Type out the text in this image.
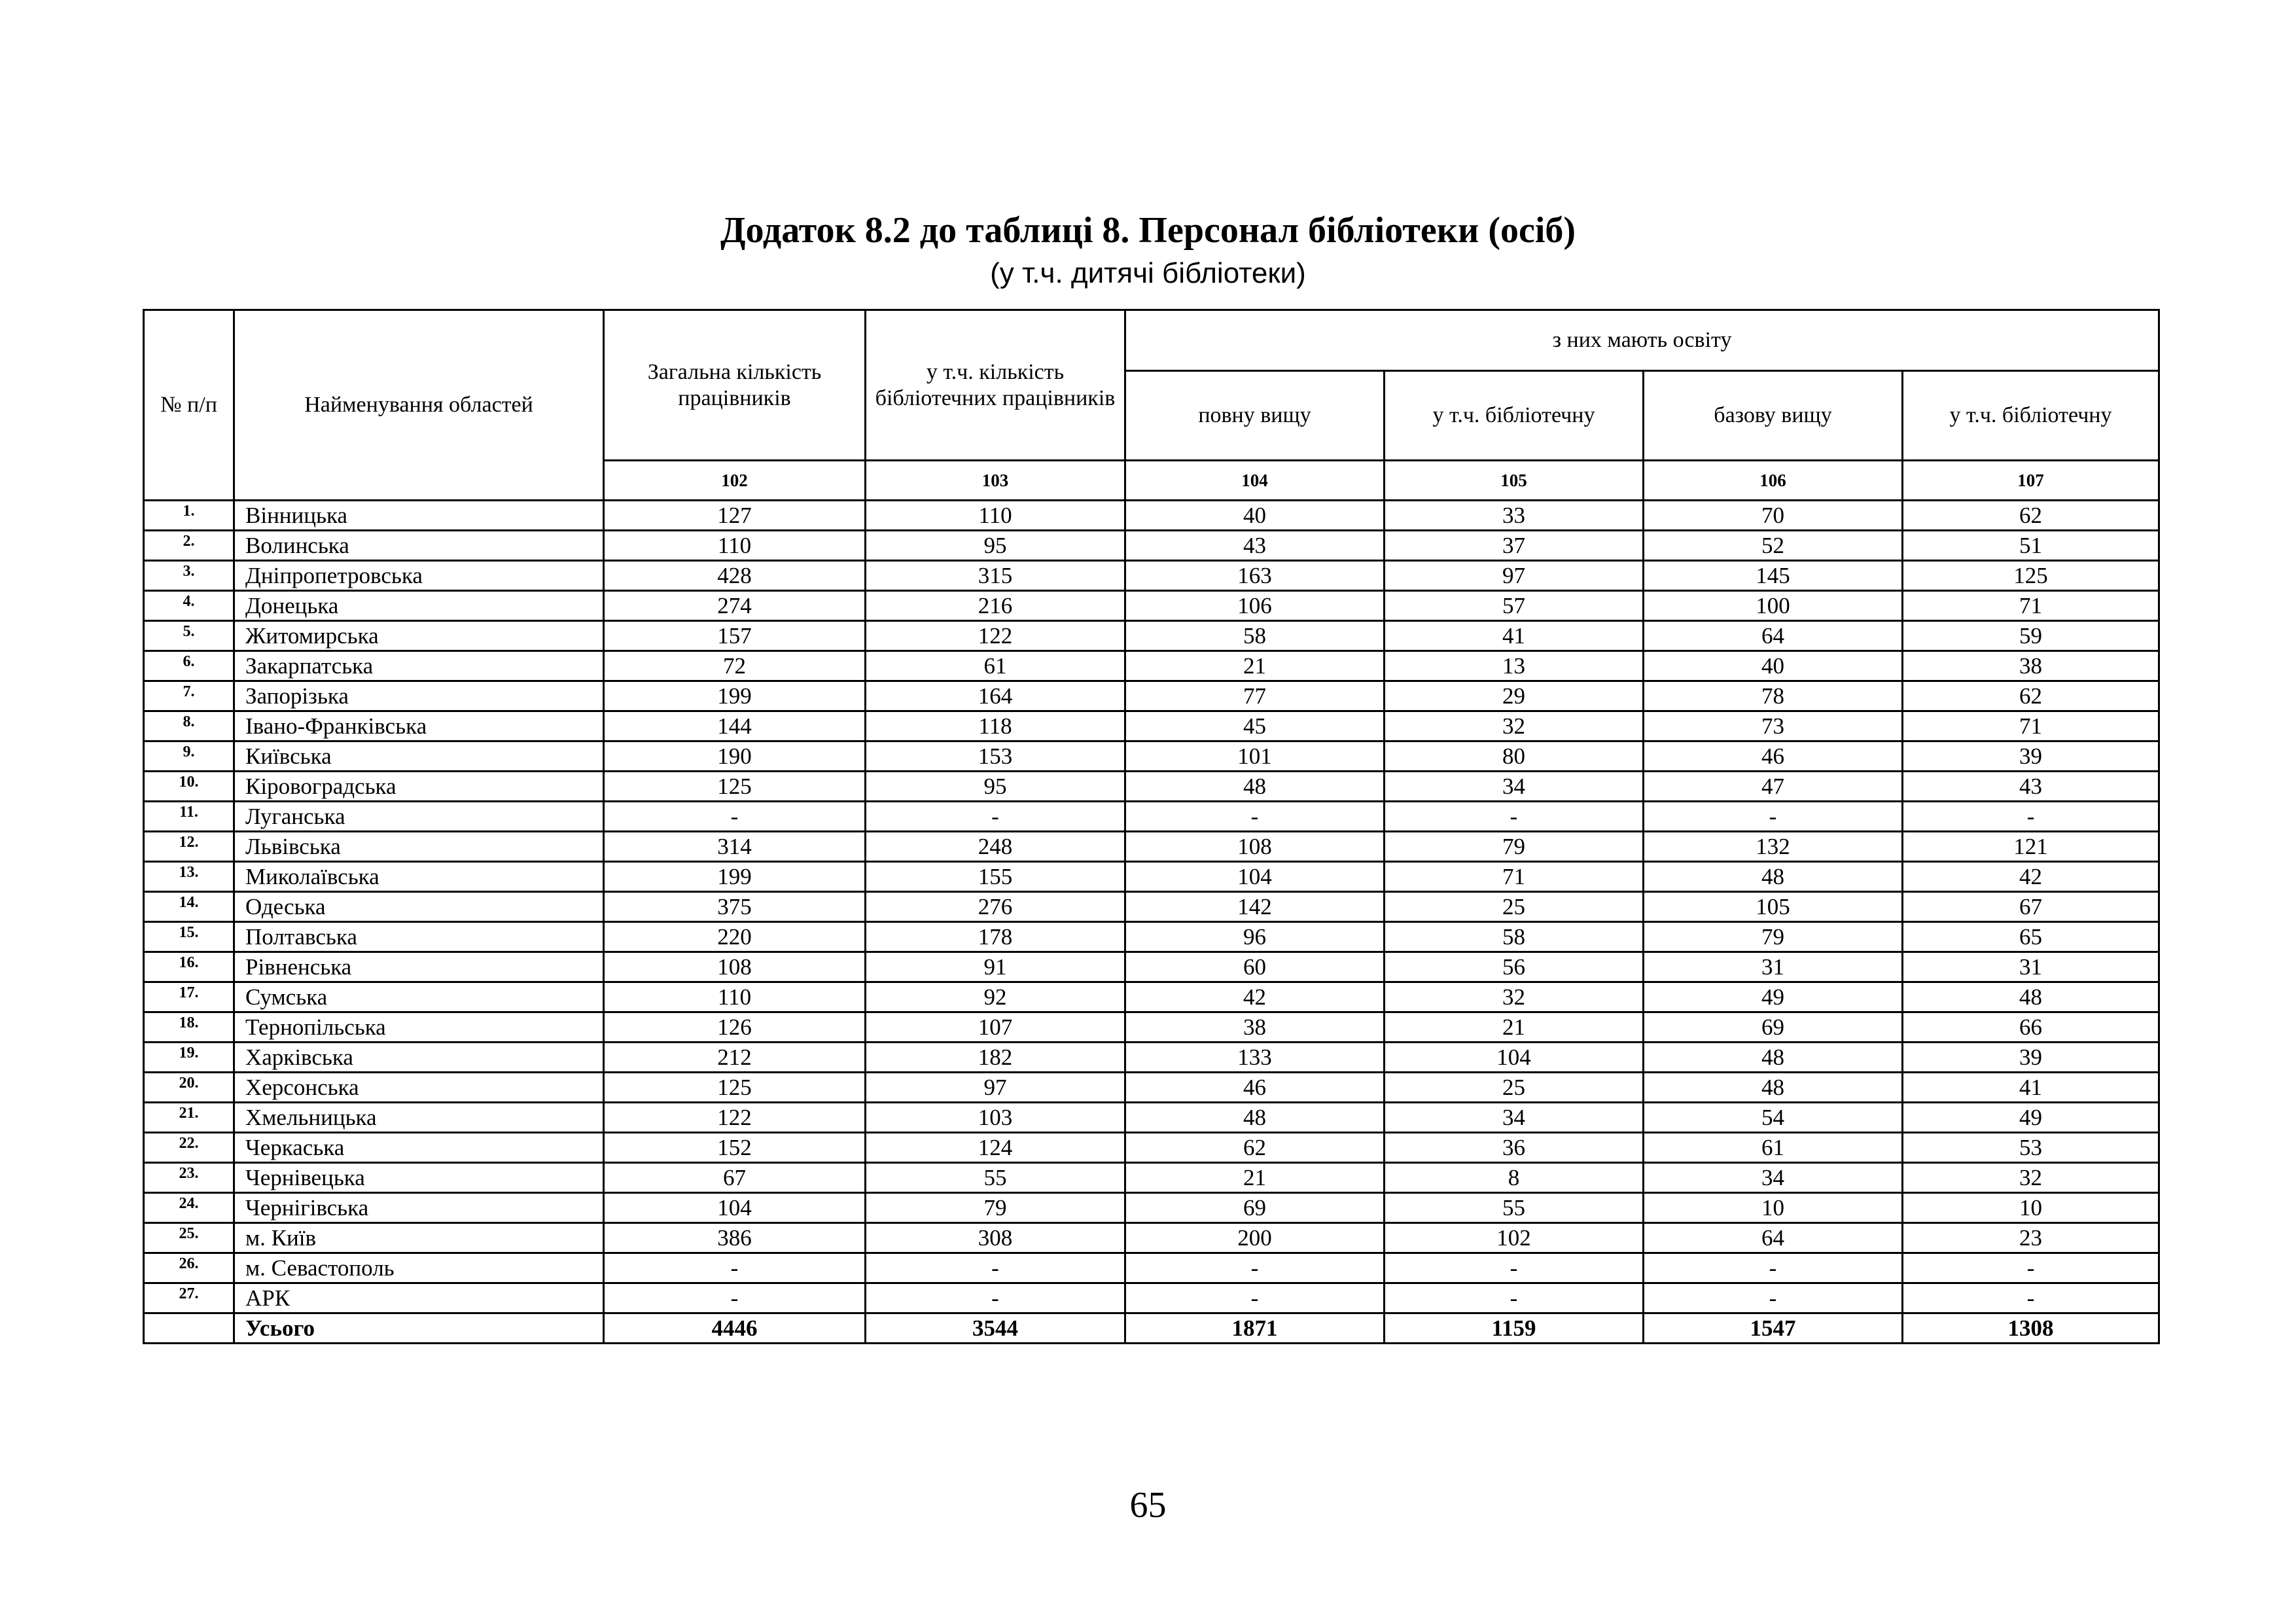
Додаток 8.2 до таблиці 8. Персонал бібліотеки (осіб)
(у т.ч. дитячі бібліотеки)
№ п/п	Найменування областей	Загальна кількість працівників	у т.ч. кількість бібліотечних працівників	з них мають освіту			
				повну вищу	у т.ч. бібліотечну	базову вищу	у т.ч. бібліотечну
		102	103	104	105	106	107
1.	Вінницька	127	110	40	33	70	62
2.	Волинська	110	95	43	37	52	51
3.	Дніпропетровська	428	315	163	97	145	125
4.	Донецька	274	216	106	57	100	71
5.	Житомирська	157	122	58	41	64	59
6.	Закарпатська	72	61	21	13	40	38
7.	Запорізька	199	164	77	29	78	62
8.	Івано-Франківська	144	118	45	32	73	71
9.	Київська	190	153	101	80	46	39
10.	Кіровоградська	125	95	48	34	47	43
11.	Луганська	-	-	-	-	-	-
12.	Львівська	314	248	108	79	132	121
13.	Миколаївська	199	155	104	71	48	42
14.	Одеська	375	276	142	25	105	67
15.	Полтавська	220	178	96	58	79	65
16.	Рівненська	108	91	60	56	31	31
17.	Сумська	110	92	42	32	49	48
18.	Тернопільська	126	107	38	21	69	66
19.	Харківська	212	182	133	104	48	39
20.	Херсонська	125	97	46	25	48	41
21.	Хмельницька	122	103	48	34	54	49
22.	Черкаська	152	124	62	36	61	53
23.	Чернівецька	67	55	21	8	34	32
24.	Чернігівська	104	79	69	55	10	10
25.	м. Київ	386	308	200	102	64	23
26.	м. Севастополь	-	-	-	-	-	-
27.	АРК	-	-	-	-	-	-
	Усього	4446	3544	1871	1159	1547	1308
65
